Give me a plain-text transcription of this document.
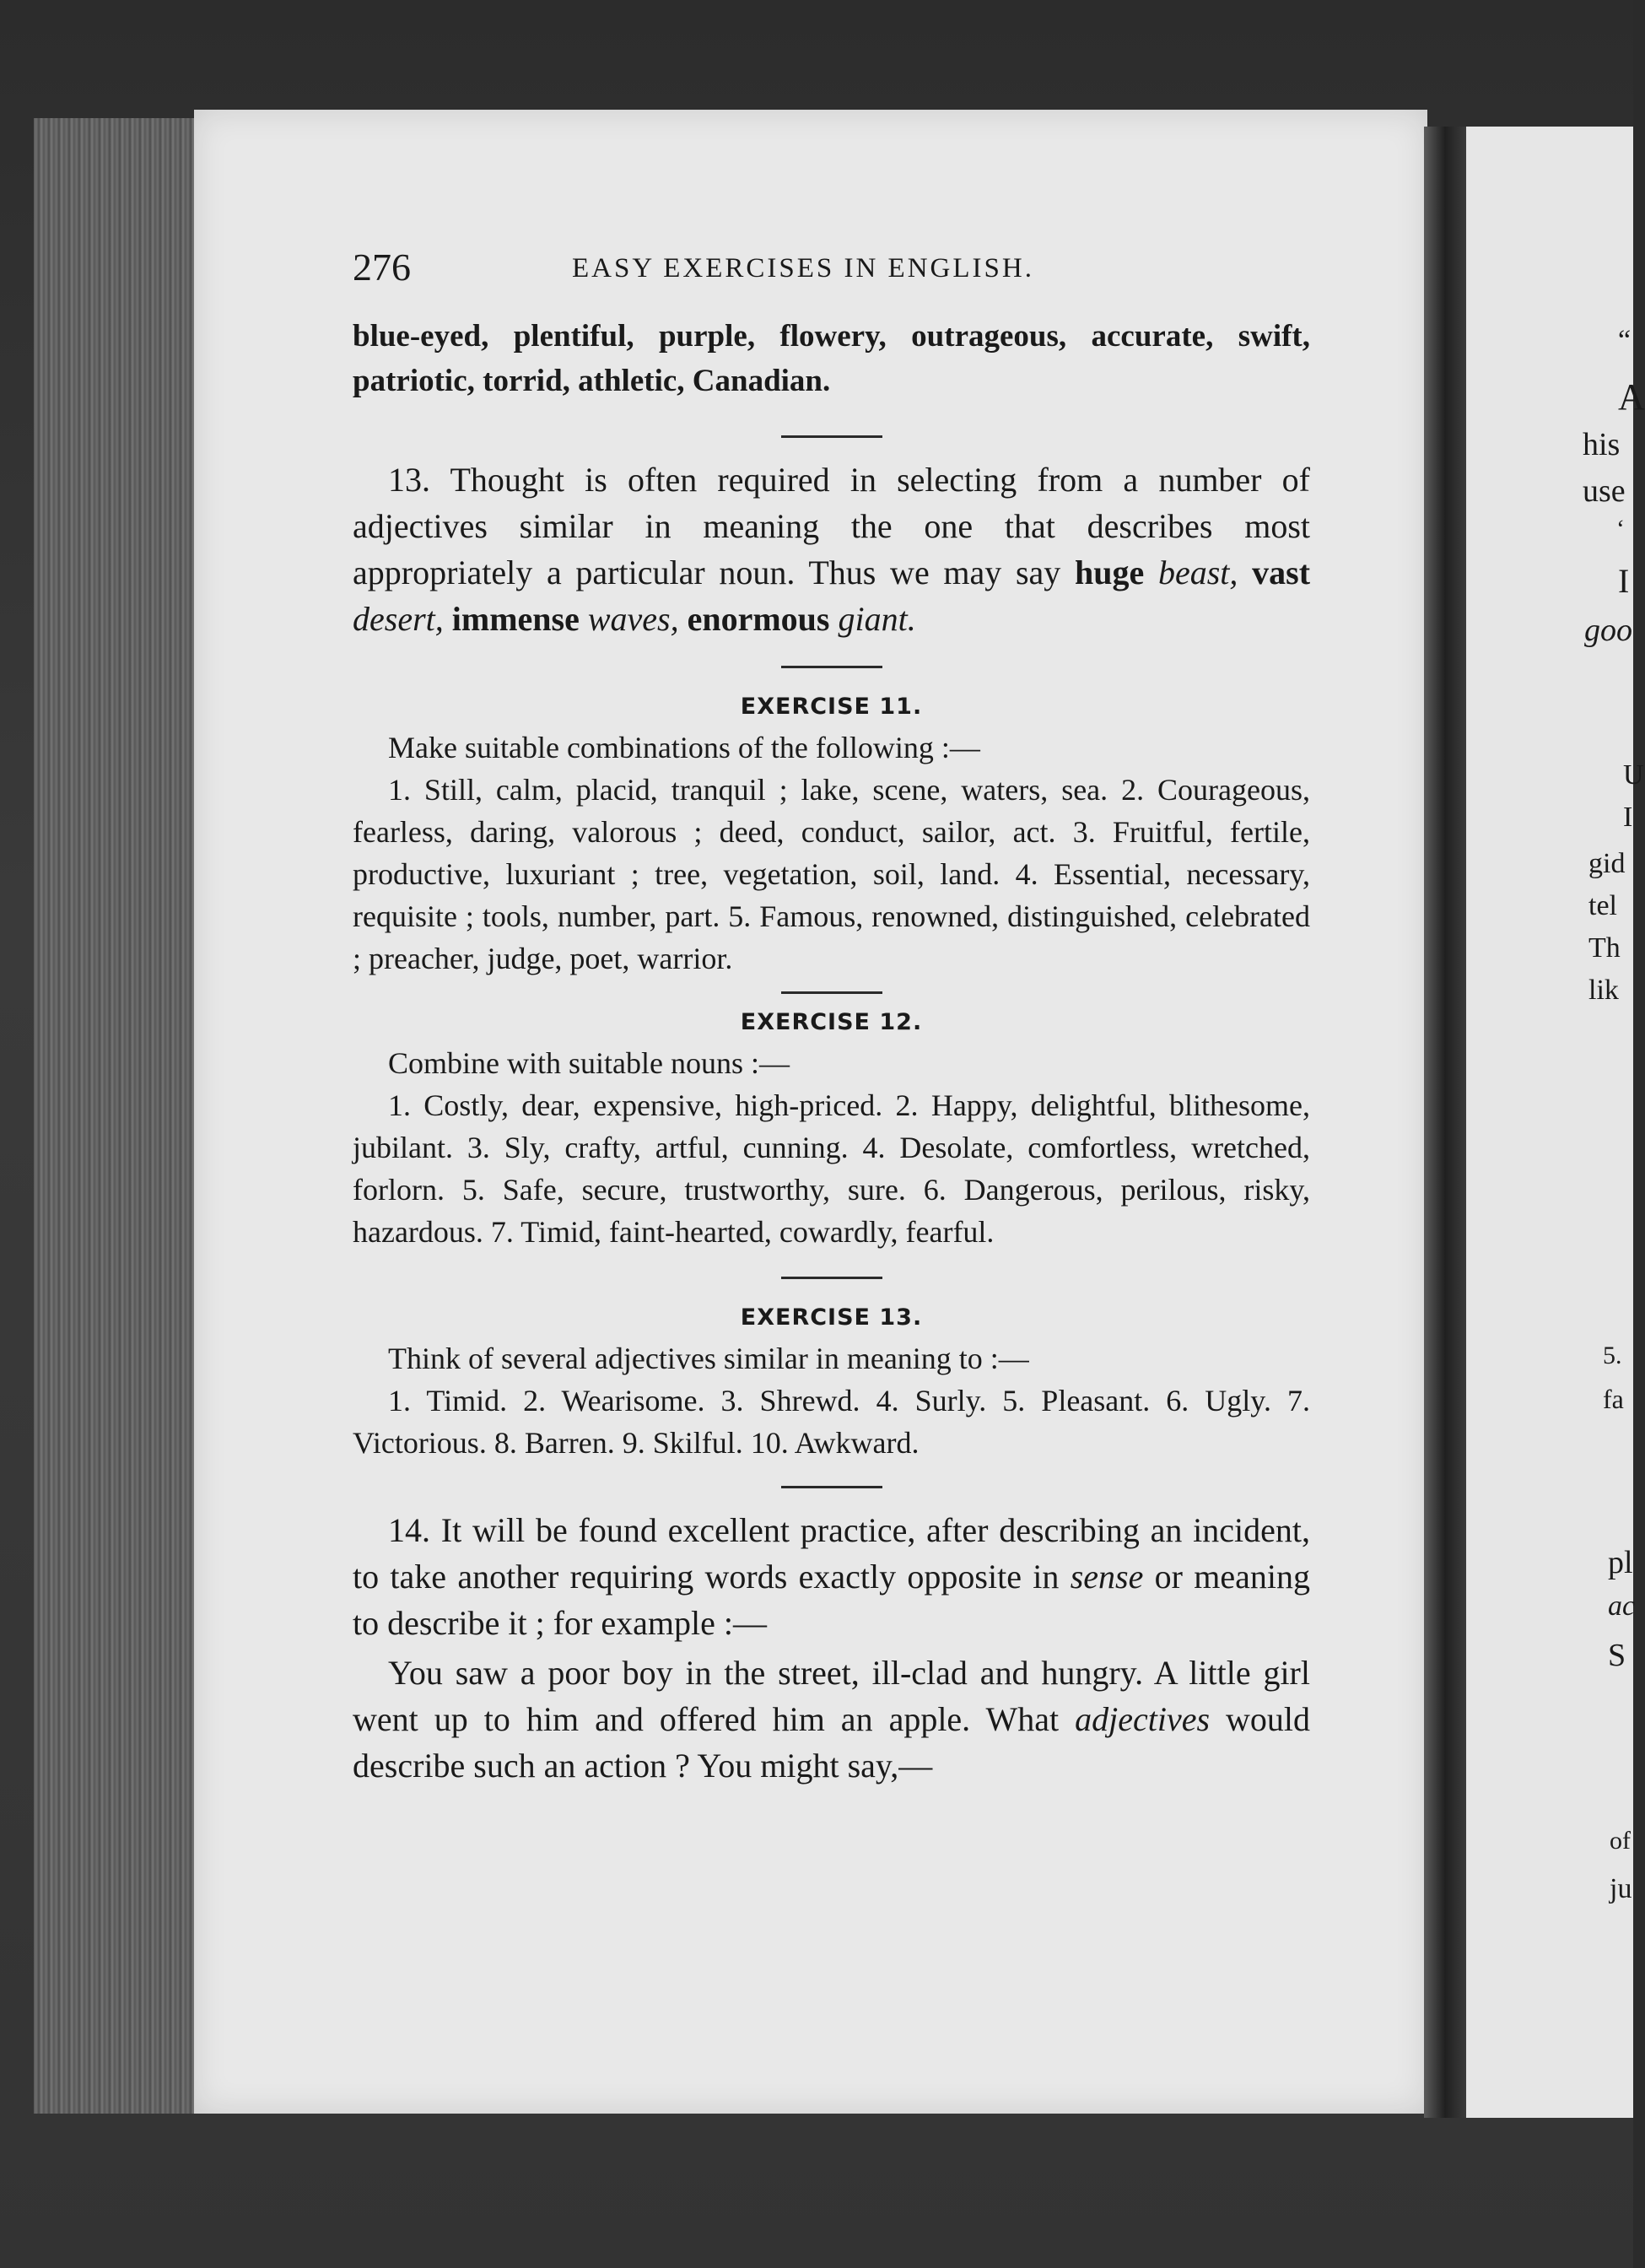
“
A
his
use
‘
I
goo
U
I
gid
tel
Th
lik
5.
fa
pl
ac
S
of
ju
276	EASY EXERCISES IN ENGLISH.
blue-eyed, plentiful, purple, flowery, outrageous, accurate, swift,
patriotic, torrid, athletic, Canadian.

13. Thought is often required in selecting from a number of adjectives similar in meaning the one that describes most appropriately a particular noun. Thus we may say huge beast, vast desert, immense waves, enormous giant.

EXERCISE 11.

Make suitable combinations of the following :—

1. Still, calm, placid, tranquil ; lake, scene, waters, sea. 2. Courageous, fearless, daring, valorous ; deed, conduct, sailor, act. 3. Fruitful, fertile, productive, luxuriant ; tree, vegetation, soil, land. 4. Essential, necessary, requisite ; tools, number, part. 5. Famous, renowned, distinguished, celebrated ; preacher, judge, poet, warrior.

EXERCISE 12.

Combine with suitable nouns :—

1. Costly, dear, expensive, high-priced. 2. Happy, delightful, blithesome, jubilant. 3. Sly, crafty, artful, cunning. 4. Desolate, comfortless, wretched, forlorn. 5. Safe, secure, trustworthy, sure. 6. Dangerous, perilous, risky, hazardous. 7. Timid, faint-hearted, cowardly, fearful.

EXERCISE 13.

Think of several adjectives similar in meaning to :—

1. Timid. 2. Wearisome. 3. Shrewd. 4. Surly. 5. Pleasant. 6. Ugly. 7. Victorious. 8. Barren. 9. Skilful. 10. Awkward.

14. It will be found excellent practice, after describing an incident, to take another requiring words exactly opposite in sense or meaning to describe it ; for example :—

You saw a poor boy in the street, ill-clad and hungry. A little girl went up to him and offered him an apple. What adjectives would describe such an action ? You might say,—
